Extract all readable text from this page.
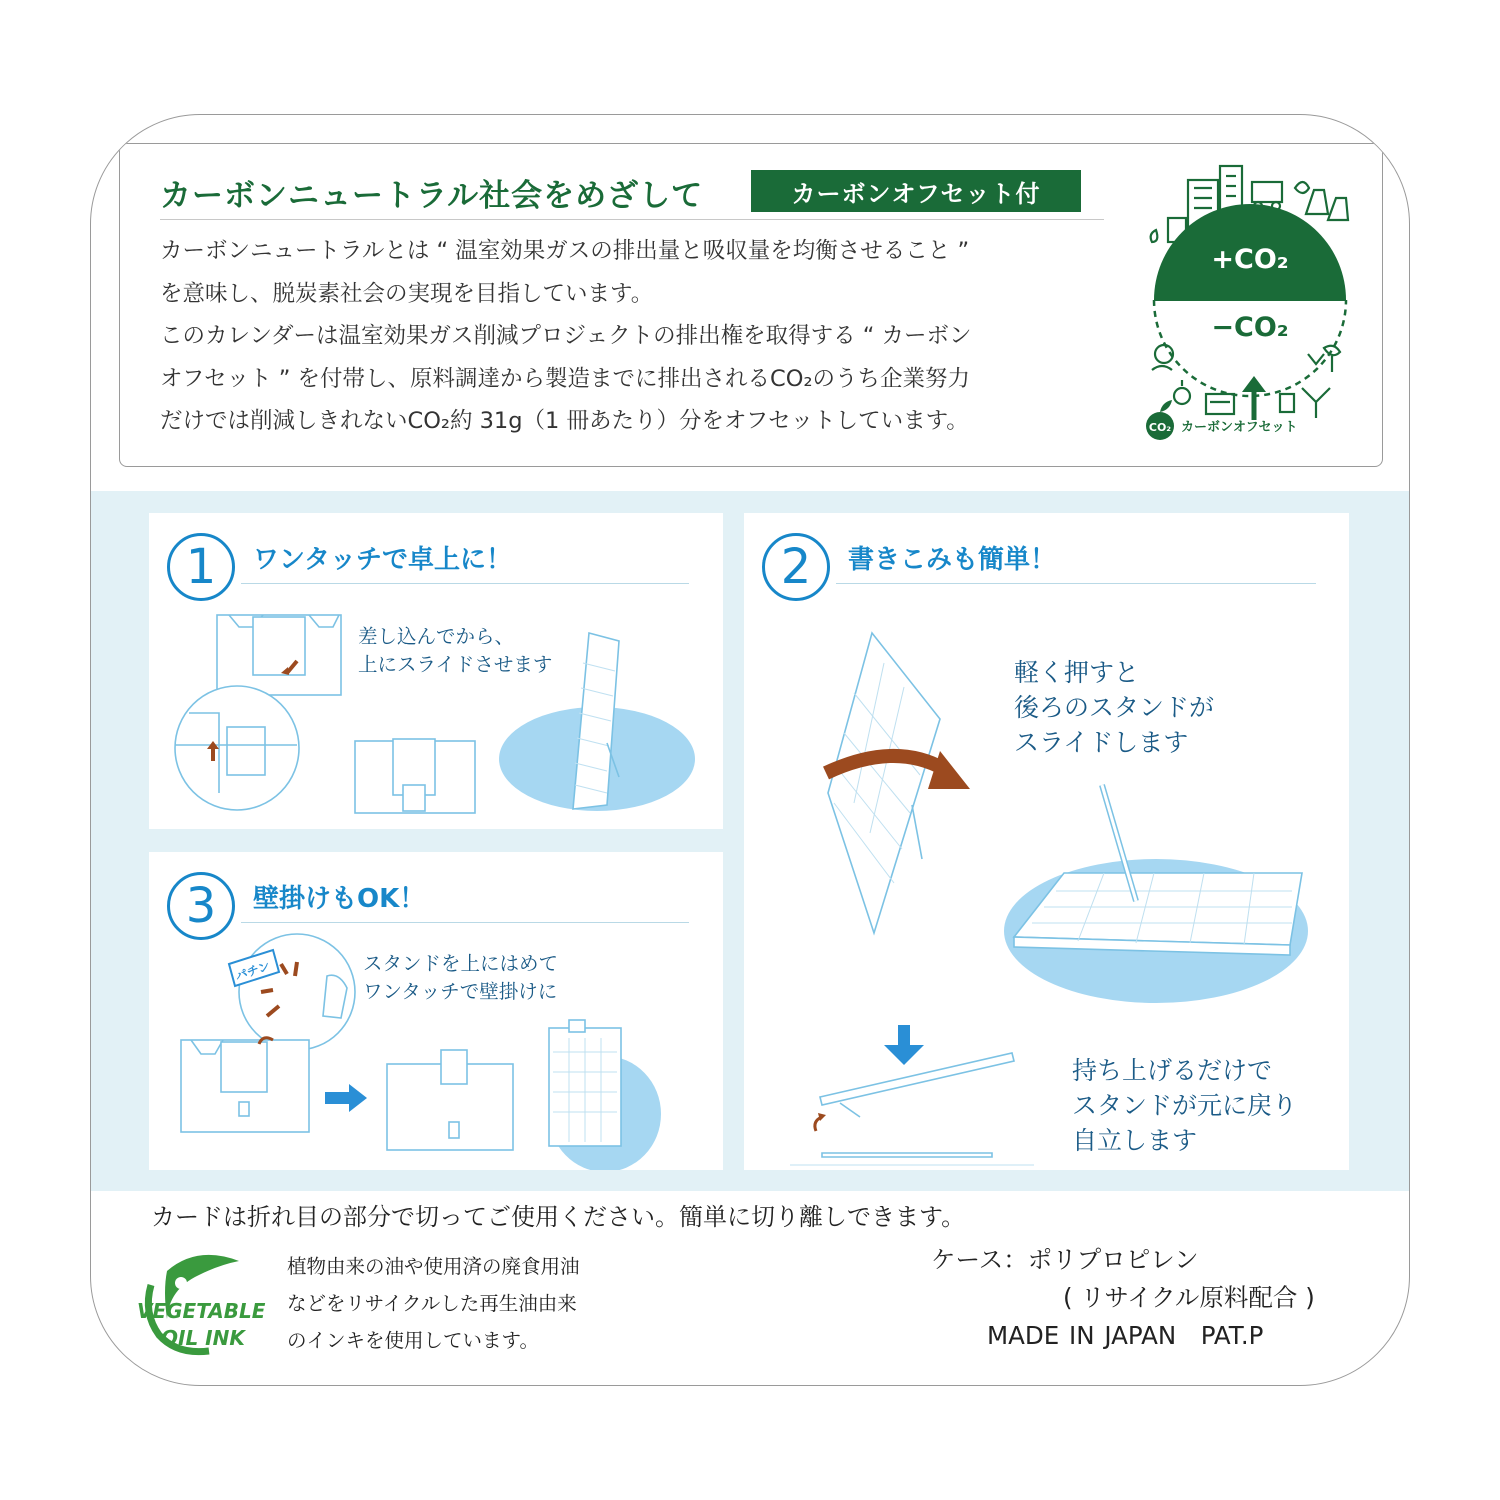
カーボンニュートラル社会をめざして	カーボンオフセット付

カーボンニュートラルとは “ 温室効果ガスの排出量と吸収量を均衡させること ”

を意味し、脱炭素社会の実現を目指しています。

このカレンダーは温室効果ガス削減プロジェクトの排出権を取得する “ カーボン

オフセット ” を付帯し、原料調達から製造までに排出されるCO₂のうち企業努力

だけでは削減しきれないCO₂約 31g（1 冊あたり）分をオフセットしています。

+CO₂
−CO₂
CO₂ カーボンオフセット
1	ワンタッチで卓上に！

差し込んでから、

上にスライドさせます

2	書きこみも簡単！

軽く押すと

後ろのスタンドが

スライドします

持ち上げるだけで

スタンドが元に戻り

自立します

3	壁掛けもOK！

スタンドを上にはめて

ワンタッチで壁掛けに

パチン
カードは折れ目の部分で切ってご使用ください。簡単に切り離しできます。
VEGETABLE
OIL INK

植物由来の油や使用済の廃食用油

などをリサイクルした再生油由来

のインキを使用しています。

ケース：ポリプロピレン

( リサイクル原料配合 )

MADE IN JAPAN　PAT.P
